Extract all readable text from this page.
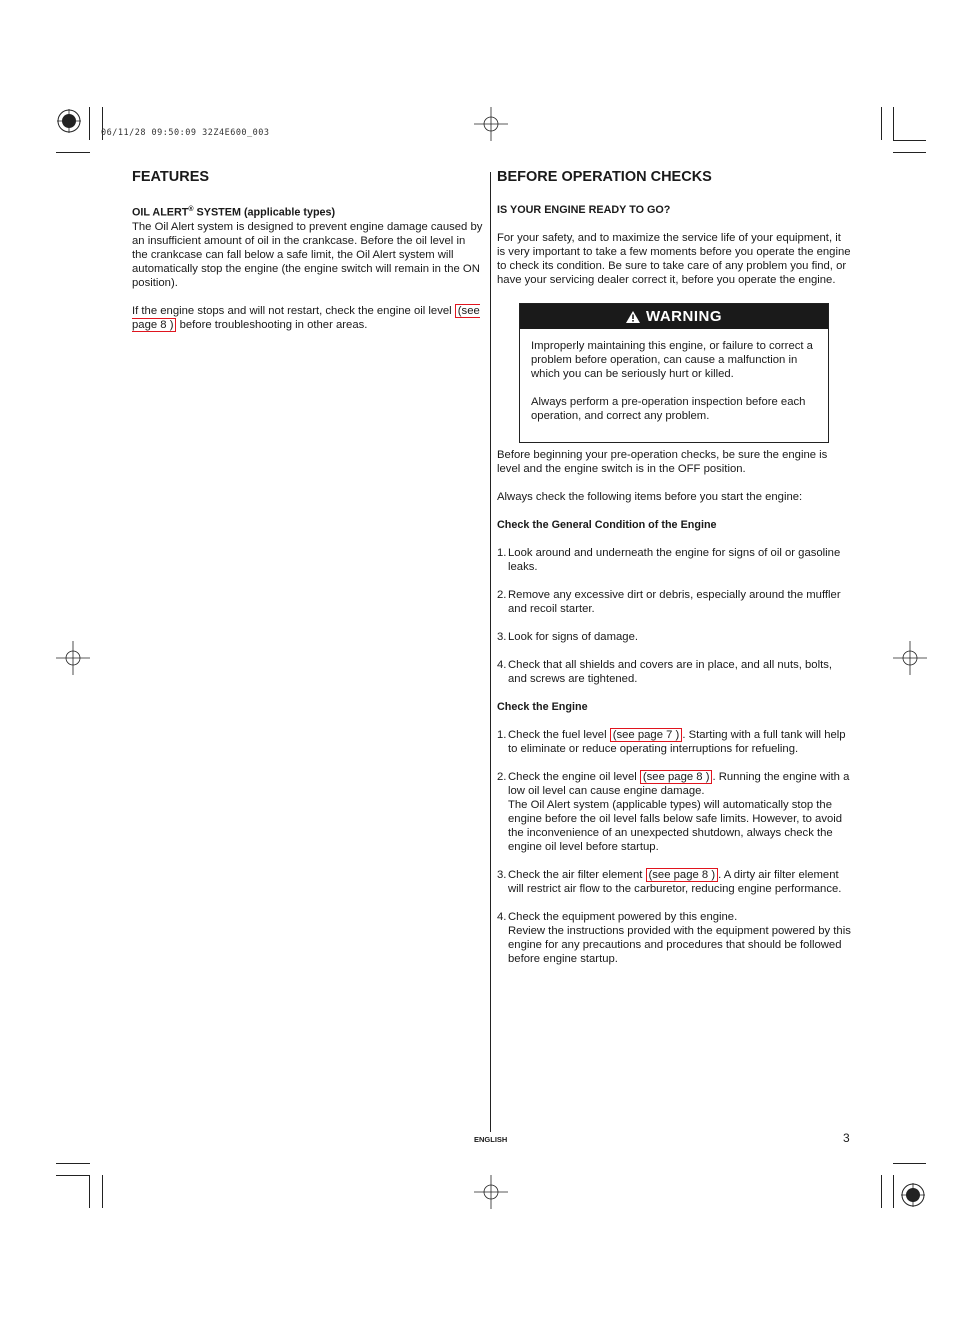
06/11/28 09:50:09 32Z4E600_003
FEATURES
OIL ALERT® SYSTEM (applicable types)

The Oil Alert system is designed to prevent engine damage caused by an insufficient amount of oil in the crankcase. Before the oil level in the crankcase can fall below a safe limit, the Oil Alert system will automatically stop the engine (the engine switch will remain in the ON position).

If the engine stops and will not restart, check the engine oil level (see page 8 ) before troubleshooting in other areas.

BEFORE OPERATION CHECKS
IS YOUR ENGINE READY TO GO?

For your safety, and to maximize the service life of your equipment, it is very important to take a few moments before you operate the engine to check its condition. Be sure to take care of any problem you find, or have your servicing dealer correct it, before you operate the engine.

Before beginning your pre-operation checks, be sure the engine is level and the engine switch is in the OFF position.

Always check the following items before you start the engine:

Check the General Condition of the Engine
1. Look around and underneath the engine for signs of oil or gasoline leaks.
2. Remove any excessive dirt or debris, especially around the muffler and recoil starter.
3. Look for signs of damage.
4. Check that all shields and covers are in place, and all nuts, bolts, and screws are tightened.
Check the Engine
1. Check the fuel level (see page 7 ) . Starting with a full tank will help to eliminate or reduce operating interruptions for refueling.
2. Check the engine oil level (see page 8 ) . Running the engine with a low oil level can cause engine damage.

The Oil Alert system (applicable types) will automatically stop the engine before the oil level falls below safe limits. However, to avoid the inconvenience of an unexpected shutdown, always check the engine oil level before startup.

3. Check the air filter element (see page 8 ) . A dirty air filter element will restrict air flow to the carburetor, reducing engine performance.
4. Check the equipment powered by this engine.

Review the instructions provided with the equipment powered by this engine for any precautions and procedures that should be followed before engine startup.

WARNING

Improperly maintaining this engine, or failure to correct a problem before operation, can cause a malfunction in which you can be seriously hurt or killed.

Always perform a pre-operation inspection before each operation, and correct any problem.

ENGLISH	3
